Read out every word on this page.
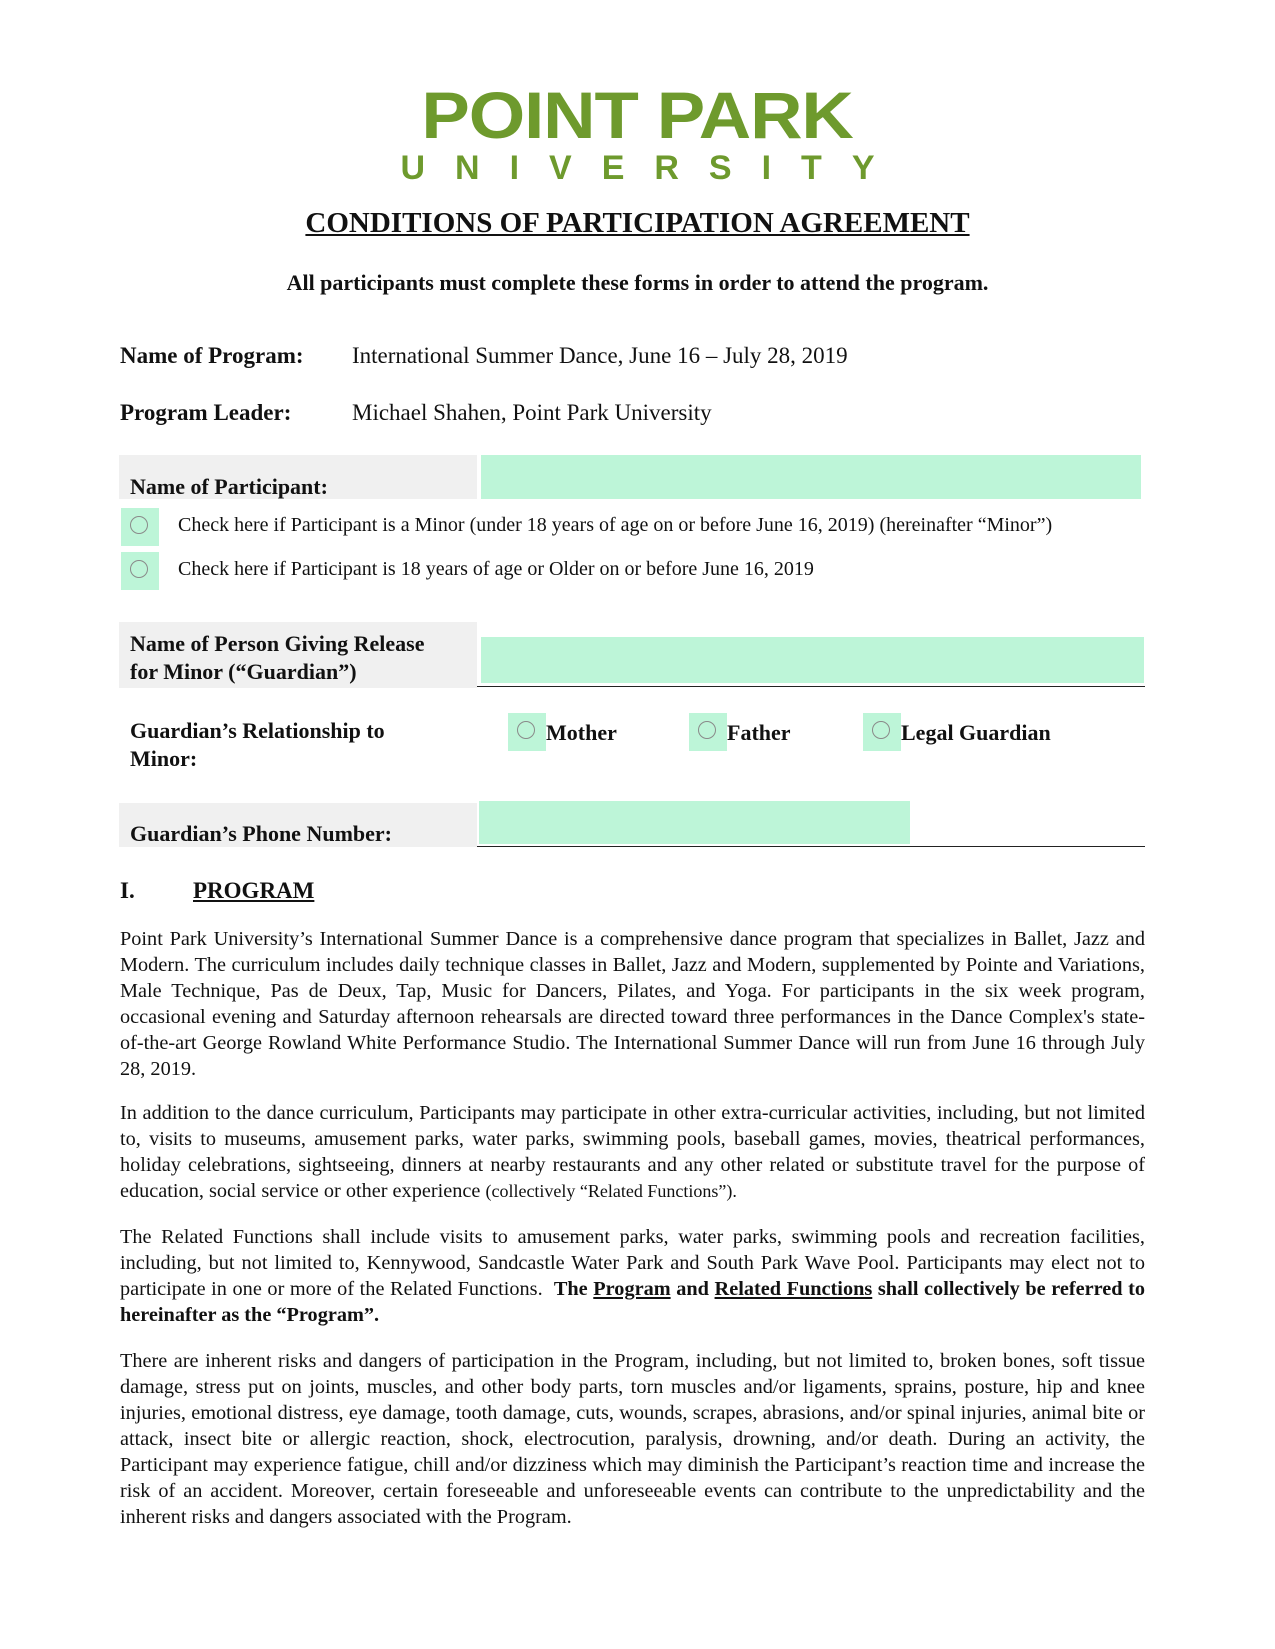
POINT PARK
UNIVERSITY
CONDITIONS OF PARTICIPATION AGREEMENT
All participants must complete these forms in order to attend the program.
Name of Program: International Summer Dance, June 16 – July 28, 2019
Program Leader:	Michael Shahen, Point Park University
Name of Participant:
Check here if Participant is a Minor (under 18 years of age on or before June 16, 2019) (hereinafter “Minor”)
Check here if Participant is 18 years of age or Older on or before June 16, 2019
Name of Person Giving Release
for Minor (“Guardian”)
Guardian’s Relationship to
Minor:
Mother	Father	Legal Guardian
Guardian’s Phone Number:
I.	PROGRAM

Point Park University’s International Summer Dance is a comprehensive dance program that specializes in Ballet, Jazz and Modern. The curriculum includes daily technique classes in Ballet, Jazz and Modern, supplemented by Pointe and Variations, Male Technique, Pas de Deux, Tap, Music for Dancers, Pilates, and Yoga. For participants in the six week program, occasional evening and Saturday afternoon rehearsals are directed toward three performances in the Dance Complex's state-of-the-art George Rowland White Performance Studio. The International Summer Dance will run from June 16 through July 28, 2019.

In addition to the dance curriculum, Participants may participate in other extra-curricular activities, including, but not limited to, visits to museums, amusement parks, water parks, swimming pools, baseball games, movies, theatrical performances, holiday celebrations, sightseeing, dinners at nearby restaurants and any other related or substitute travel for the purpose of education, social service or other experience (collectively “Related Functions”).

The Related Functions shall include visits to amusement parks, water parks, swimming pools and recreation facilities, including, but not limited to, Kennywood, Sandcastle Water Park and South Park Wave Pool. Participants may elect not to participate in one or more of the Related Functions. The Program and Related Functions shall collectively be referred to hereinafter as the “Program”.

There are inherent risks and dangers of participation in the Program, including, but not limited to, broken bones, soft tissue damage, stress put on joints, muscles, and other body parts, torn muscles and/or ligaments, sprains, posture, hip and knee injuries, emotional distress, eye damage, tooth damage, cuts, wounds, scrapes, abrasions, and/or spinal injuries, animal bite or attack, insect bite or allergic reaction, shock, electrocution, paralysis, drowning, and/or death. During an activity, the Participant may experience fatigue, chill and/or dizziness which may diminish the Participant’s reaction time and increase the risk of an accident. Moreover, certain foreseeable and unforeseeable events can contribute to the unpredictability and the inherent risks and dangers associated with the Program.
